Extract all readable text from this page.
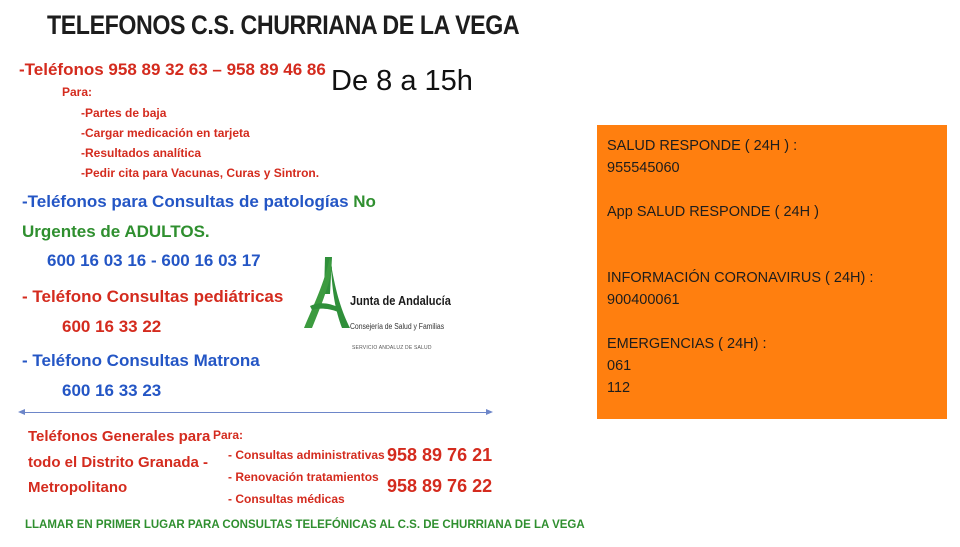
TELEFONOS C.S. CHURRIANA DE LA VEGA
De 8 a 15h
-Teléfonos 958 89 32 63 – 958 89 46 86
Para:
-Partes de baja
-Cargar medicación en tarjeta
-Resultados analítica
-Pedir cita para Vacunas, Curas y Sintron.
-Teléfonos para Consultas de patologías No
Urgentes de ADULTOS.
600 16 03 16 - 600 16 03 17
- Teléfono Consultas pediátricas
600 16 33 22
- Teléfono Consultas Matrona
600 16 33 23
Teléfonos Generales para
todo el Distrito Granada -
Metropolitano
Para:
- Consultas administrativas
- Renovación tratamientos
- Consultas médicas
958 89 76 21
958 89 76 22
LLAMAR EN PRIMER LUGAR PARA CONSULTAS TELEFÓNICAS AL C.S. DE CHURRIANA DE LA VEGA
Junta de Andalucía
Consejería de Salud y Familias
SERVICIO ANDALUZ DE SALUD
SALUD RESPONDE ( 24H ) :
955545060
App SALUD RESPONDE ( 24H )
INFORMACIÓN CORONAVIRUS ( 24H) :
900400061
EMERGENCIAS ( 24H) :
061
112
